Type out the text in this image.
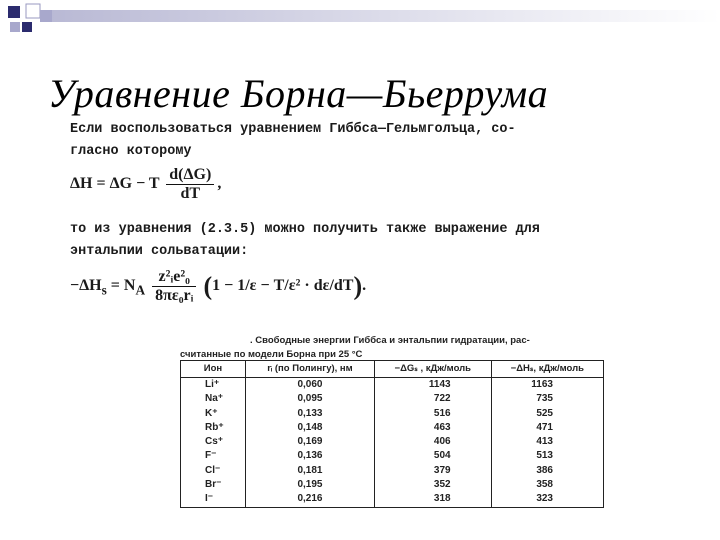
Уравнение Борна—Бьеррума
Если воспользоваться уравнением Гиббса—Гельмголъца, со-
гласно которому
ΔH = ΔG − T $\frac{d(\Delta G)}{dT}$ ,
то из уравнения (2.3.5) можно получить также выражение для
энтальпии сольватации:
$-\Delta H_s = N_A \frac{\text{z²ᵢe²₀}}{\text{8πε₀rᵢ}} (1 - 1/\varepsilon - T/\varepsilon^2 \cdot d\varepsilon/dT)$.
. Свободные энергии Гиббса и энтальпии гидратации, рас-
считанные по модели Борна при 25 °С
Ион	rᵢ (по Полингу), нм	−ΔGₛ , кДж/моль	−ΔHₛ, кДж/моль
Li⁺	0,060	1143	1163
Na⁺	0,095	722	735
K⁺	0,133	516	525
Rb⁺	0,148	463	471
Cs⁺	0,169	406	413
F⁻	0,136	504	513
Cl⁻	0,181	379	386
Br⁻	0,195	352	358
I⁻	0,216	318	323
